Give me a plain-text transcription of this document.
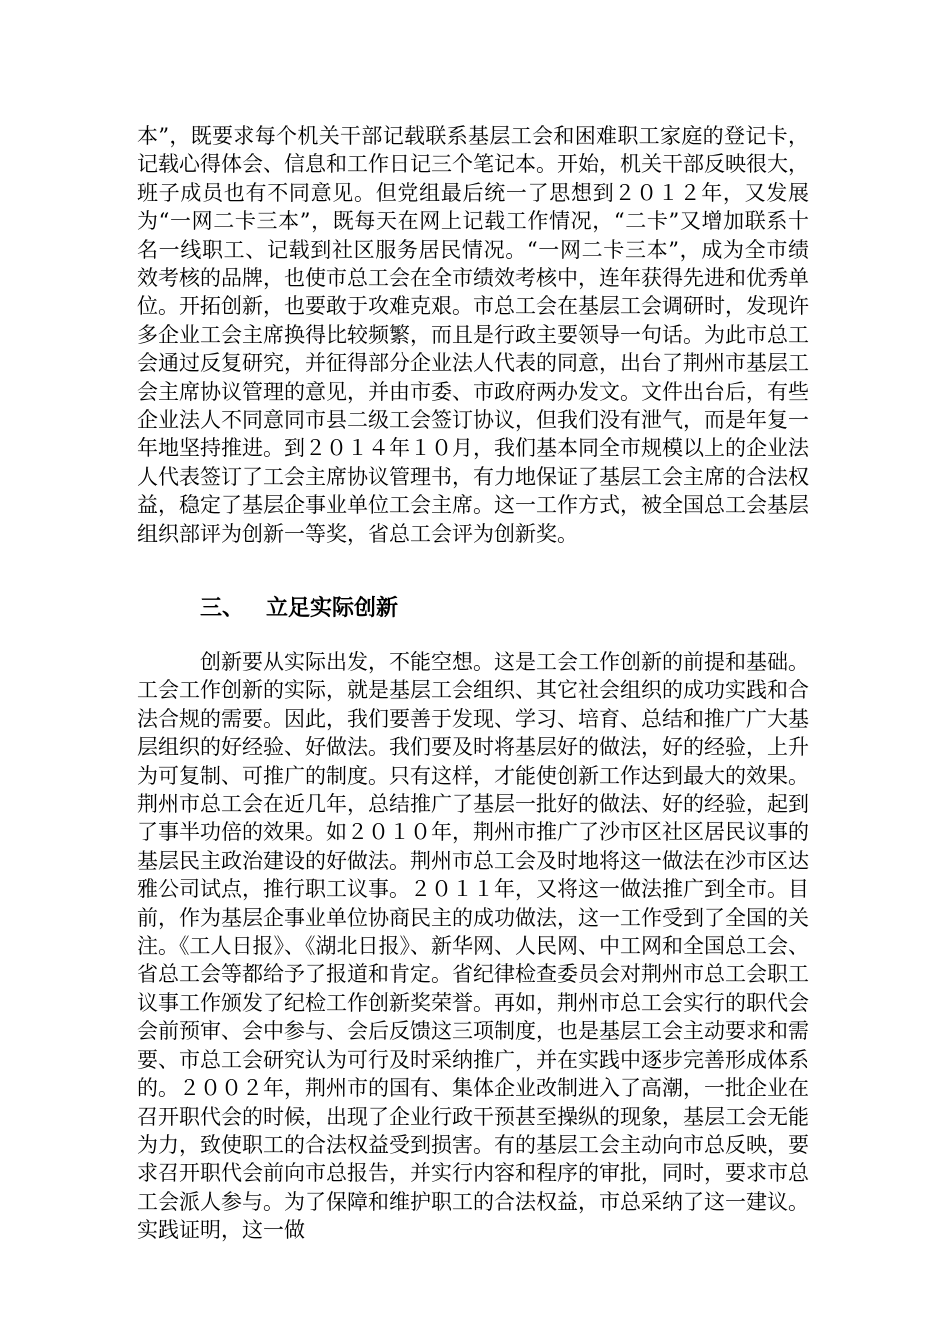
本”，既要求每个机关干部记载联系基层工会和困难职工家庭的登记卡，记载心得体会、信息和工作日记三个笔记本。开始，机关干部反映很大，班子成员也有不同意见。但党组最后统一了思想到２０１２年，又发展为“一网二卡三本”，既每天在网上记载工作情况，“二卡”又增加联系十名一线职工、记载到社区服务居民情况。“一网二卡三本”，成为全市绩效考核的品牌，也使市总工会在全市绩效考核中，连年获得先进和优秀单位。开拓创新，也要敢于攻难克艰。市总工会在基层工会调研时，发现许多企业工会主席换得比较频繁，而且是行政主要领导一句话。为此市总工会通过反复研究，并征得部分企业法人代表的同意，出台了荆州市基层工会主席协议管理的意见，并由市委、市政府两办发文。文件出台后，有些企业法人不同意同市县二级工会签订协议，但我们没有泄气，而是年复一年地坚持推进。到２０１４年１０月，我们基本同全市规模以上的企业法人代表签订了工会主席协议管理书，有力地保证了基层工会主席的合法权益，稳定了基层企事业单位工会主席。这一工作方式，被全国总工会基层组织部评为创新一等奖，省总工会评为创新奖。

三、 立足实际创新

创新要从实际出发，不能空想。这是工会工作创新的前提和基础。工会工作创新的实际，就是基层工会组织、其它社会组织的成功实践和合法合规的需要。因此，我们要善于发现、学习、培育、总结和推广广大基层组织的好经验、好做法。我们要及时将基层好的做法，好的经验，上升为可复制、可推广的制度。只有这样，才能使创新工作达到最大的效果。荆州市总工会在近几年，总结推广了基层一批好的做法、好的经验，起到了事半功倍的效果。如２０１０年，荆州市推广了沙市区社区居民议事的基层民主政治建设的好做法。荆州市总工会及时地将这一做法在沙市区达雅公司试点，推行职工议事。２０１１年，又将这一做法推广到全市。目前，作为基层企事业单位协商民主的成功做法，这一工作受到了全国的关注。《工人日报》、《湖北日报》、新华网、人民网、中工网和全国总工会、省总工会等都给予了报道和肯定。省纪律检查委员会对荆州市总工会职工议事工作颁发了纪检工作创新奖荣誉。再如，荆州市总工会实行的职代会会前预审、会中参与、会后反馈这三项制度，也是基层工会主动要求和需要、市总工会研究认为可行及时采纳推广，并在实践中逐步完善形成体系的。２００２年，荆州市的国有、集体企业改制进入了高潮，一批企业在召开职代会的时候，出现了企业行政干预甚至操纵的现象，基层工会无能为力，致使职工的合法权益受到损害。有的基层工会主动向市总反映，要求召开职代会前向市总报告，并实行内容和程序的审批，同时，要求市总工会派人参与。为了保障和维护职工的合法权益，市总采纳了这一建议。实践证明，这一做
